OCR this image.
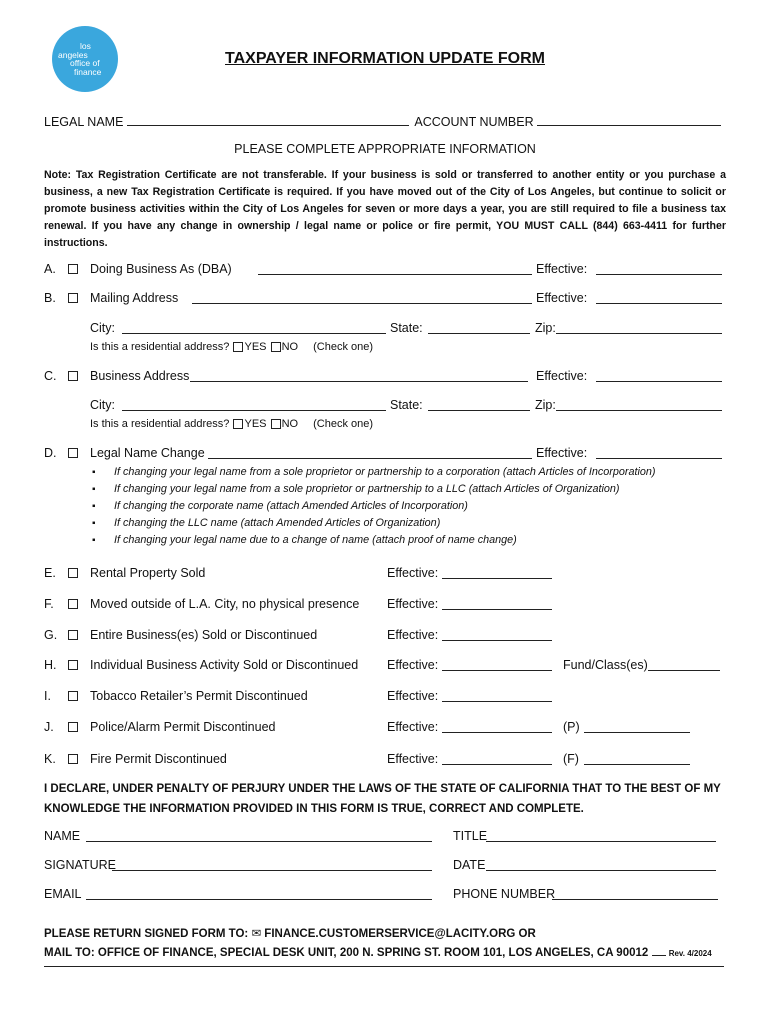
los
angeles
office of
finance
TAXPAYER INFORMATION UPDATE FORM
LEGAL NAME	ACCOUNT NUMBER
PLEASE COMPLETE APPROPRIATE INFORMATION
Note: Tax Registration Certificate are not transferable. If your business is sold or transferred to another entity or you purchase a business, a new Tax Registration Certificate is required. If you have moved out of the City of Los Angeles, but continue to solicit or promote business activities within the City of Los Angeles for seven or more days a year, you are still required to file a business tax renewal. If you have any change in ownership / legal name or police or fire permit, YOU MUST CALL (844) 663-4411 for further instructions.
A.	Doing Business As (DBA)	Effective:
B.	Mailing Address	Effective:
City:	State:	Zip:
Is this a residential address? YES NO (Check one)
C.	Business Address	Effective:
City:	State:	Zip:
Is this a residential address? YES NO (Check one)
D.	Legal Name Change	Effective:
▪ If changing your legal name from a sole proprietor or partnership to a corporation (attach Articles of Incorporation)
▪ If changing your legal name from a sole proprietor or partnership to a LLC (attach Articles of Organization)
▪ If changing the corporate name (attach Amended Articles of Incorporation)
▪ If changing the LLC name (attach Amended Articles of Organization)
▪ If changing your legal name due to a change of name (attach proof of name change)
E.	Rental Property Sold	Effective:
F.	Moved outside of L.A. City, no physical presence Effective:
G.	Entire Business(es) Sold or Discontinued	Effective:
H.	Individual Business Activity Sold or Discontinued Effective:	Fund/Class(es)
I.	Tobacco Retailer’s Permit Discontinued	Effective:
J.	Police/Alarm Permit Discontinued	Effective:	(P)
K.	Fire Permit Discontinued	Effective:	(F)
I DECLARE, UNDER PENALTY OF PERJURY UNDER THE LAWS OF THE STATE OF CALIFORNIA THAT TO THE BEST OF MY KNOWLEDGE THE INFORMATION PROVIDED IN THIS FORM IS TRUE, CORRECT AND COMPLETE.
NAME	TITLE
SIGNATURE	DATE
EMAIL	PHONE NUMBER
PLEASE RETURN SIGNED FORM TO: ✉ FINANCE.CUSTOMERSERVICE@LACITY.ORG OR
MAIL TO: OFFICE OF FINANCE, SPECIAL DESK UNIT, 200 N. SPRING ST. ROOM 101, LOS ANGELES, CA 90012	Rev. 4/2024
